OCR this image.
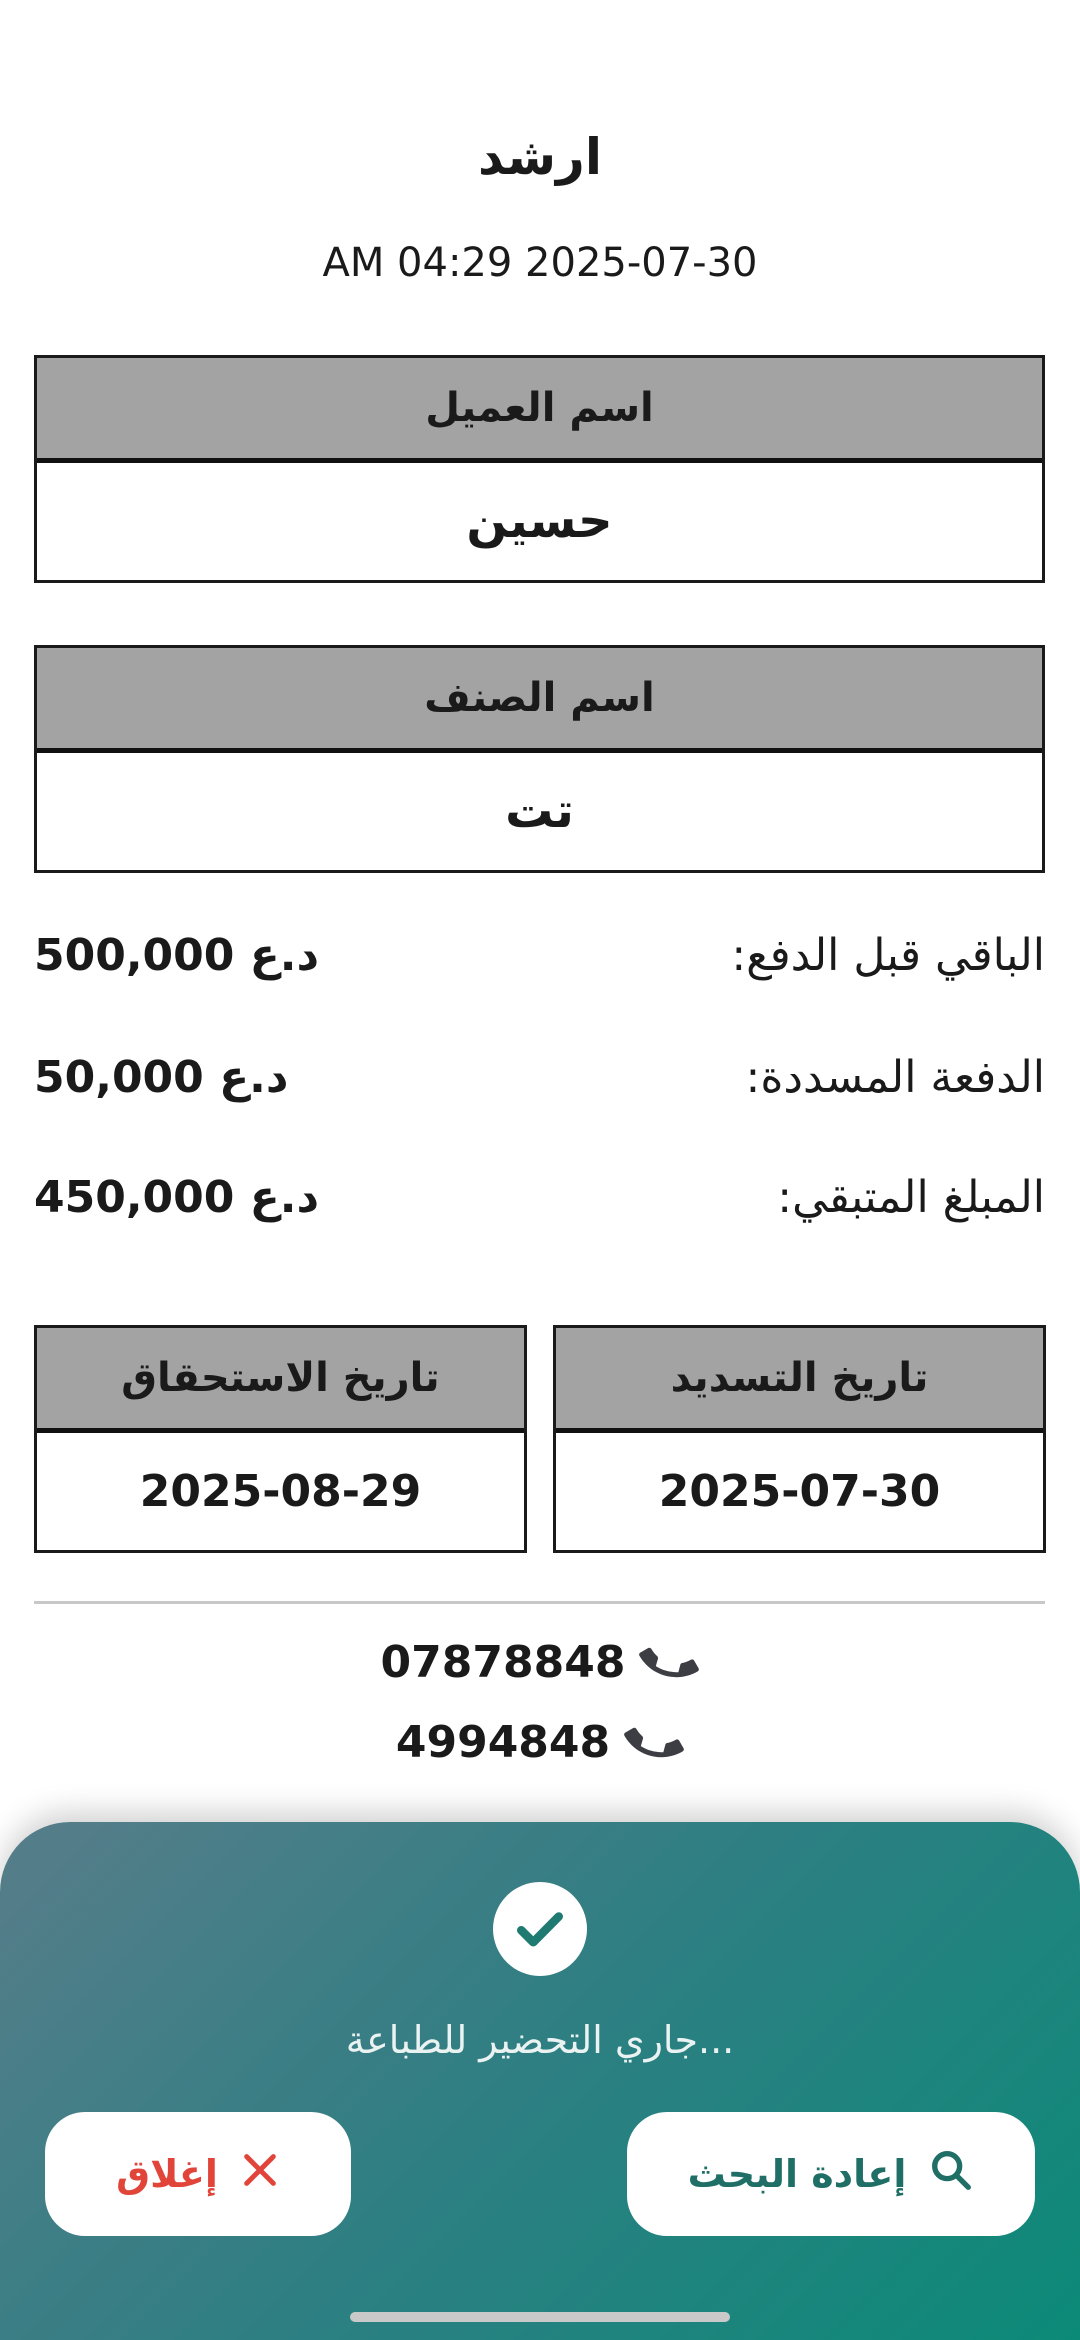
ارشد
AM 04:29 2025-07-30
اسم العميل
حسين
اسم الصنف
تت
الباقي قبل الدفع:
500,000 د.ع
الدفعة المسددة:
50,000 د.ع
المبلغ المتبقي:
450,000 د.ع
تاريخ التسديد
2025-07-30
تاريخ الاستحقاق
2025-08-29
07878848
4994848
جاري التحضير للطباعة...
إعادة البحث
إغلاق
